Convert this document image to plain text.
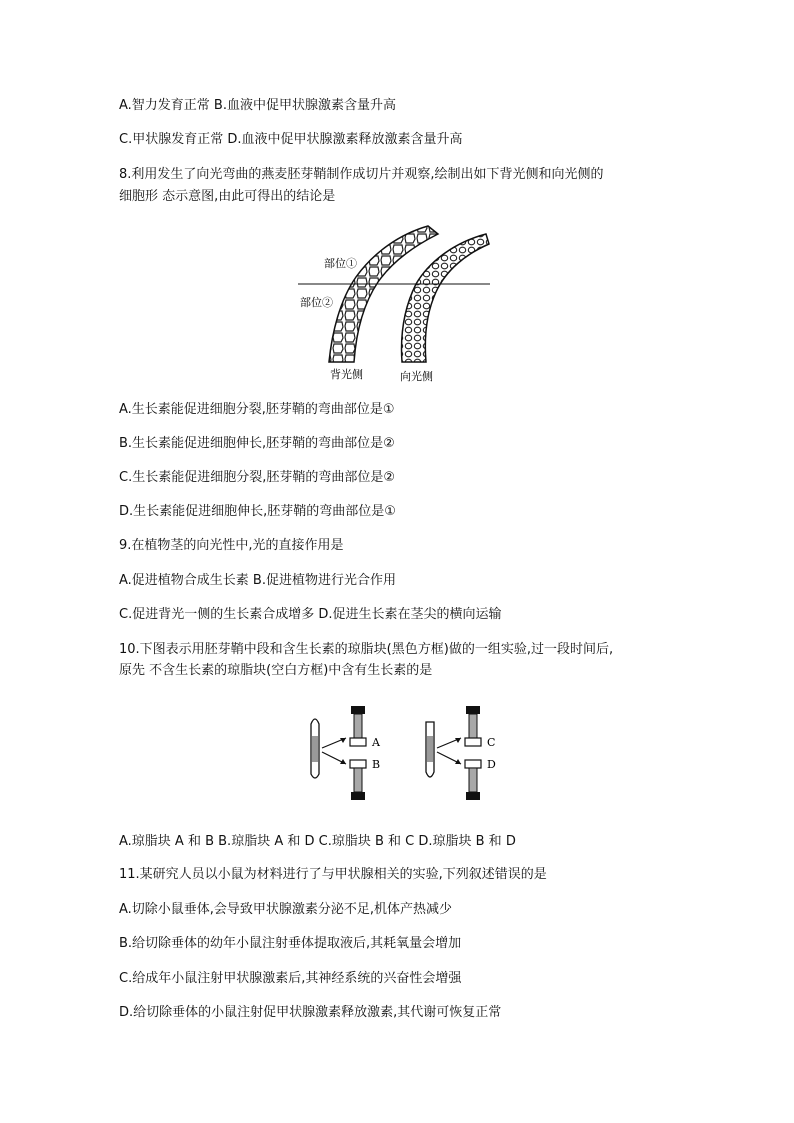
A.智力发育正常 B.血液中促甲状腺激素含量升高
C.甲状腺发育正常 D.血液中促甲状腺激素释放激素含量升高
8.利用发生了向光弯曲的燕麦胚芽鞘制作成切片并观察,绘制出如下背光侧和向光侧的
细胞形 态示意图,由此可得出的结论是
部位①
部位②
背光侧	向光侧
A.生长素能促进细胞分裂,胚芽鞘的弯曲部位是①
B.生长素能促进细胞伸长,胚芽鞘的弯曲部位是②
C.生长素能促进细胞分裂,胚芽鞘的弯曲部位是②
D.生长素能促进细胞伸长,胚芽鞘的弯曲部位是①
9.在植物茎的向光性中,光的直接作用是
A.促进植物合成生长素 B.促进植物进行光合作用
C.促进背光一侧的生长素合成增多 D.促进生长素在茎尖的横向运输
10.下图表示用胚芽鞘中段和含生长素的琼脂块(黑色方框)做的一组实验,过一段时间后,
原先 不含生长素的琼脂块(空白方框)中含有生长素的是
A
B
C
D
A.琼脂块 A 和 B B.琼脂块 A 和 D C.琼脂块 B 和 C D.琼脂块 B 和 D
11.某研究人员以小鼠为材料进行了与甲状腺相关的实验,下列叙述错误的是
A.切除小鼠垂体,会导致甲状腺激素分泌不足,机体产热减少
B.给切除垂体的幼年小鼠注射垂体提取液后,其耗氧量会增加
C.给成年小鼠注射甲状腺激素后,其神经系统的兴奋性会增强
D.给切除垂体的小鼠注射促甲状腺激素释放激素,其代谢可恢复正常
